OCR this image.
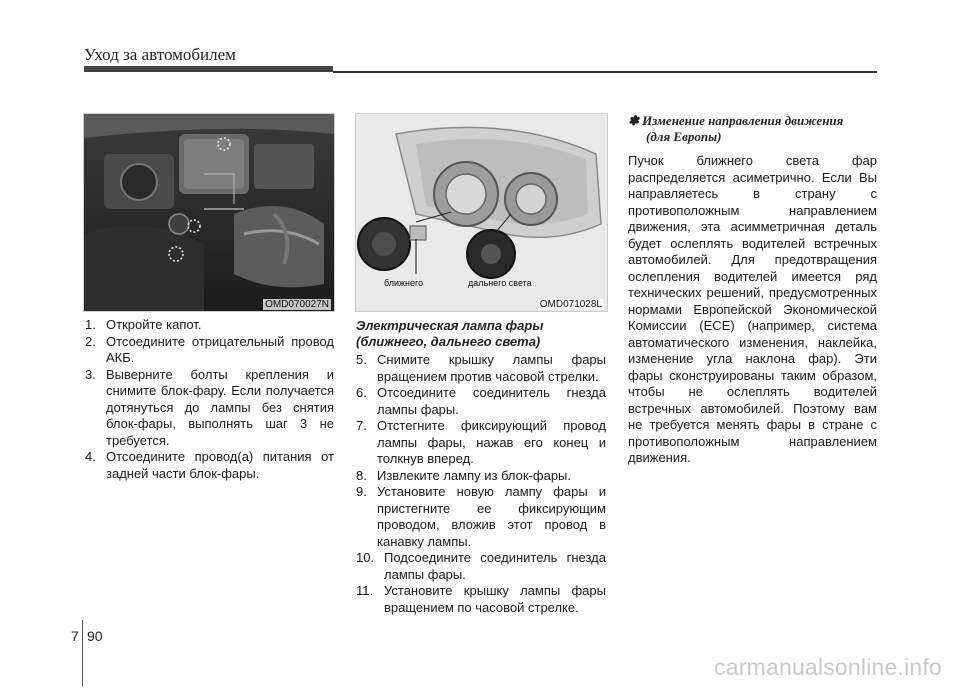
Уход за автомобилем
OMD070027N
ближнего	дальнего света
OMD071028L
1. Откройте капот.
2. Отсоедините отрицательный провод АКБ.
3. Выверните болты крепления и снимите блок-фару. Если получается дотянуться до лампы без снятия блок-фары, выполнять шаг 3 не требуется.
4. Отсоедините провод(а) питания от задней части блок-фары.

Электрическая лампа фары
(ближнего, дальнего света)

5. Снимите крышку лампы фары вращением против часовой стрелки.
6. Отсоедините соединитель гнезда лампы фары.
7. Отстегните фиксирующий провод лампы фары, нажав его конец и толкнув вперед.
8. Извлеките лампу из блок-фары.
9. Установите новую лампу фары и пристегните ее фиксирующим проводом, вложив этот провод в канавку лампы.
10. Подсоедините соединитель гнезда лампы фары.
11. Установите крышку лампы фары вращением по часовой стрелке.

✽ Изменение направления движения

(для Европы)

Пучок ближнего света фар распределяется асиметрично. Если Вы направляетесь в страну с противоположным направлением движения, эта асимметричная деталь будет ослеплять водителей встречных автомобилей. Для предотвращения ослепления водителей имеется ряд технических решений, предусмотренных нормами Европейской Экономической Комиссии (ECE) (например, система автоматического изменения, наклейка, изменение угла наклона фар). Эти фары сконструированы таким образом, чтобы не ослеплять водителей встречных автомобилей. Поэтому вам не требуется менять фары в стране с противоположным направлением движения.

7 90
carmanualsonline.info
